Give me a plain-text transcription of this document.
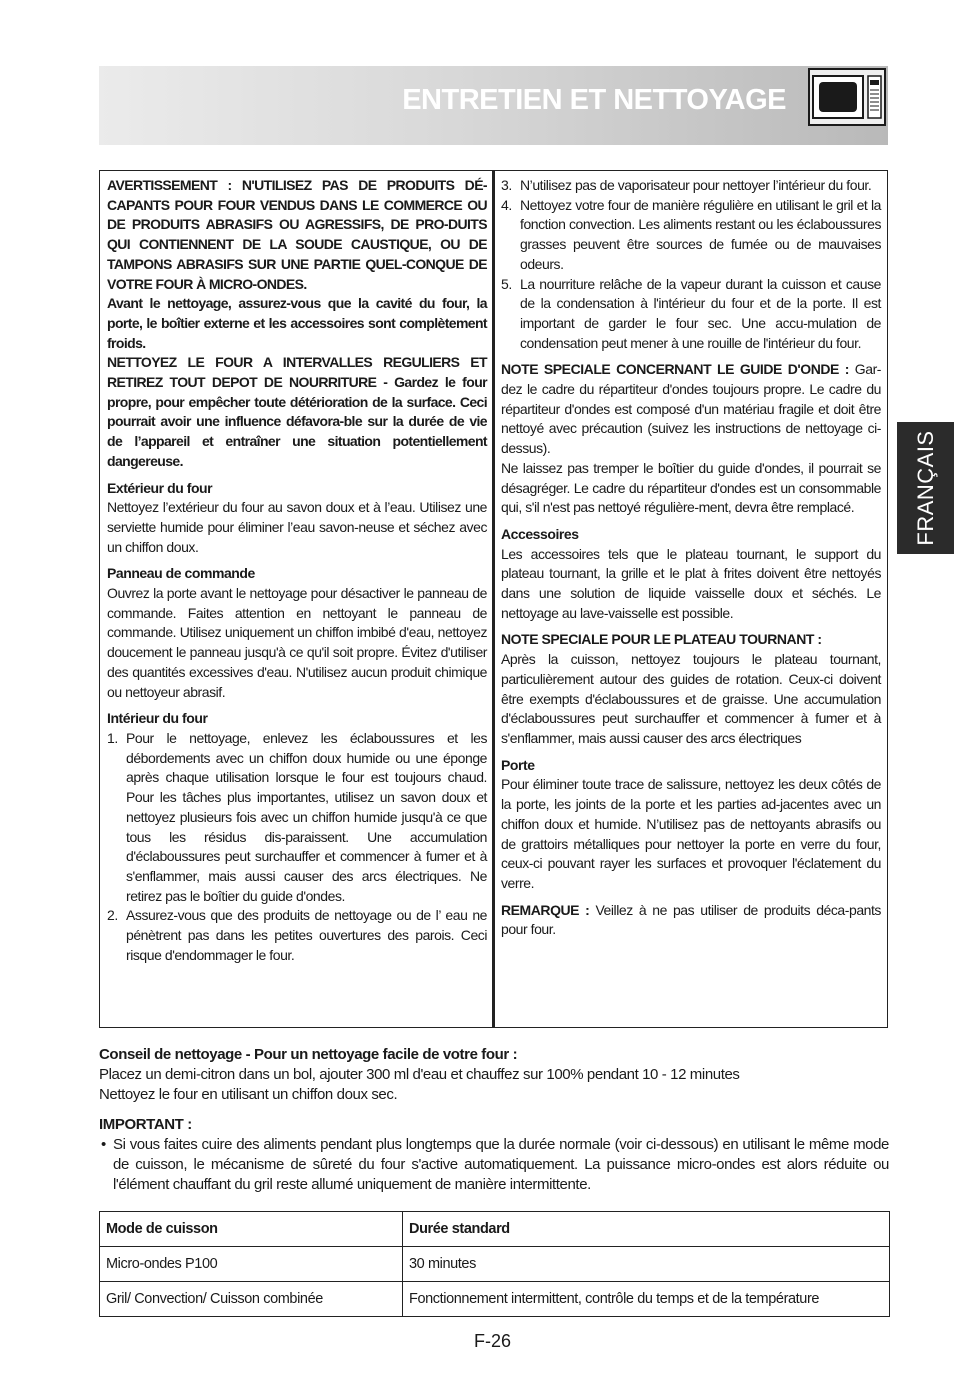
ENTRETIEN ET NETTOYAGE
FRANÇAIS

AVERTISSEMENT : N'UTILISEZ PAS DE PRODUITS DÉ-CAPANTS POUR FOUR VENDUS DANS LE COMMERCE OU DE PRODUITS ABRASIFS OU AGRESSIFS, DE PRO-DUITS QUI CONTIENNENT DE LA SOUDE CAUSTIQUE, OU DE TAMPONS ABRASIFS SUR UNE PARTIE QUEL-CONQUE DE VOTRE FOUR À MICRO-ONDES.

Avant le nettoyage, assurez-vous que la cavité du four, la porte, le boîtier externe et les accessoires sont complètement froids.

NETTOYEZ LE FOUR A INTERVALLES REGULIERS ET RETIREZ TOUT DEPOT DE NOURRITURE - Gardez le four propre, pour empêcher toute détérioration de la surface. Ceci pourrait avoir une influence défavora-ble sur la durée de vie de l’appareil et entraîner une situation potentiellement dangereuse.

Extérieur du four

Nettoyez l’extérieur du four au savon doux et à l’eau. Utilisez une serviette humide pour éliminer l’eau savon-neuse et séchez avec un chiffon doux.

Panneau de commande

Ouvrez la porte avant le nettoyage pour désactiver le panneau de commande. Faites attention en nettoyant le panneau de commande. Utilisez uniquement un chiffon imbibé d'eau, nettoyez doucement le panneau jusqu'à ce qu'il soit propre. Évitez d'utiliser des quantités excessives d'eau. N'utilisez aucun produit chimique ou nettoyeur abrasif.

Intérieur du four

1. Pour le nettoyage, enlevez les éclaboussures et les débordements avec un chiffon doux humide ou une éponge après chaque utilisation lorsque le four est toujours chaud. Pour les tâches plus importantes, utilisez un savon doux et nettoyez plusieurs fois avec un chiffon humide jusqu'à ce que tous les résidus dis-paraissent. Une accumulation d'éclaboussures peut surchauffer et commencer à fumer et à s'enflammer, mais aussi causer des arcs électriques. Ne retirez pas le boîtier du guide d'ondes.
2. Assurez-vous que des produits de nettoyage ou de l’ eau ne pénètrent pas dans les petites ouvertures des parois. Ceci risque d'endommager le four.
3. N’utilisez pas de vaporisateur pour nettoyer l’intérieur du four.
4. Nettoyez votre four de manière régulière en utilisant le gril et la fonction convection. Les aliments restant ou les éclaboussures grasses peuvent être sources de fumée ou de mauvaises odeurs.
5. La nourriture relâche de la vapeur durant la cuisson et cause de la condensation à l'intérieur du four et de la porte. Il est important de garder le four sec. Une accu-mulation de condensation peut mener à une rouille de l'intérieur du four.

NOTE SPECIALE CONCERNANT LE GUIDE D'ONDE : Gar-dez le cadre du répartiteur d'ondes toujours propre. Le cadre du répartiteur d'ondes est composé d'un matériau fragile et doit être nettoyé avec précaution (suivez les instructions de nettoyage ci-dessus).

Ne laissez pas tremper le boîtier du guide d'ondes, il pourrait se désagréger. Le cadre du répartiteur d'ondes est un consommable qui, s'il n'est pas nettoyé régulière-ment, devra être remplacé.

Accessoires

Les accessoires tels que le plateau tournant, le support du plateau tournant, la grille et le plat à frites doivent être nettoyés dans une solution de liquide vaisselle doux et séchés. Le nettoyage au lave-vaisselle est possible.

NOTE SPECIALE POUR LE PLATEAU TOURNANT :

Après la cuisson, nettoyez toujours le plateau tournant, particulièrement autour des guides de rotation. Ceux-ci doivent être exempts d'éclaboussures et de graisse. Une accumulation d'éclaboussures peut surchauffer et commencer à fumer et à s'enflammer, mais aussi causer des arcs électriques

Porte

Pour éliminer toute trace de salissure, nettoyez les deux côtés de la porte, les joints de la porte et les parties ad-jacentes avec un chiffon doux et humide. N’utilisez pas de nettoyants abrasifs ou de grattoirs métalliques pour nettoyer la porte en verre du four, ceux-ci pouvant rayer les surfaces et provoquer l'éclatement du verre.

REMARQUE : Veillez à ne pas utiliser de produits déca-pants pour four.

Conseil de nettoyage - Pour un nettoyage facile de votre four :

Placez un demi-citron dans un bol, ajouter 300 ml d'eau et chauffez sur 100% pendant 10 - 12 minutes

Nettoyez le four en utilisant un chiffon doux sec.

IMPORTANT :

• Si vous faites cuire des aliments pendant plus longtemps que la durée normale (voir ci-dessous) en utilisant le même mode de cuisson, le mécanisme de sûreté du four s'active automatiquement. La puissance micro-ondes est alors réduite ou l'élément chauffant du gril reste allumé uniquement de manière intermittente.

Mode de cuisson	Durée standard
Micro-ondes P100	30 minutes
Gril/ Convection/ Cuisson combinée	Fonctionnement intermittent, contrôle du temps et de la température
F-26
